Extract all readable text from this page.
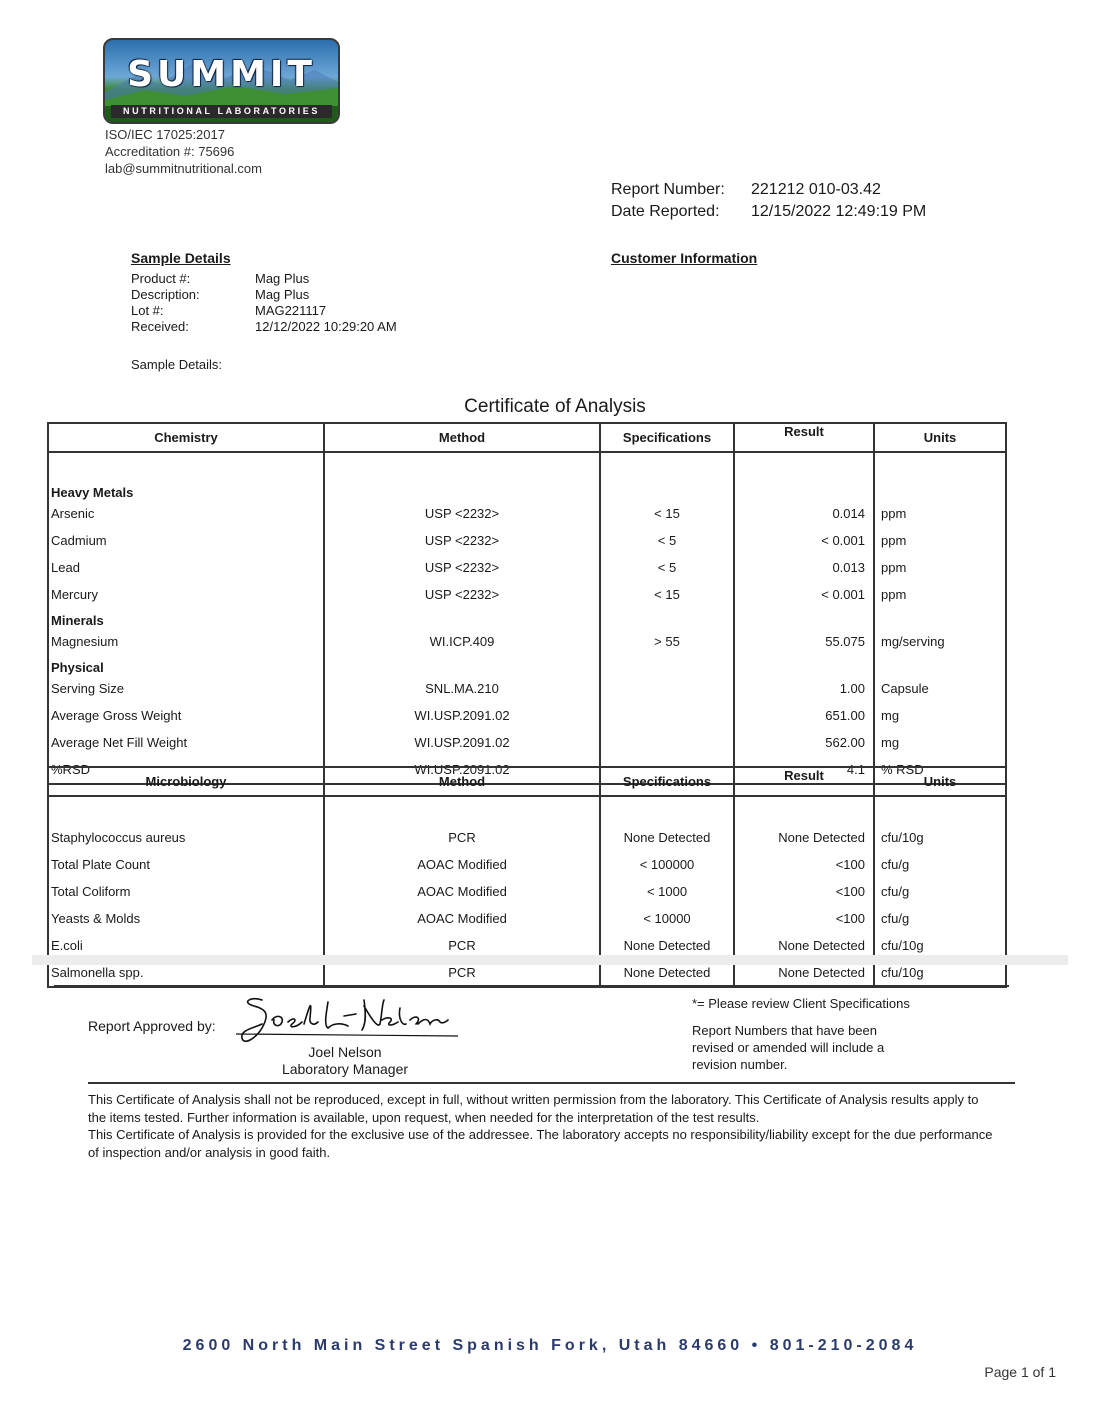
SUMMIT
NUTRITIONAL LABORATORIES
ISO/IEC 17025:2017
Accreditation #: 75696
lab@summitnutritional.com
Report Number:	221212 010-03.42
Date Reported:	12/15/2022 12:49:19 PM
Sample Details
Product #:	Mag Plus
Description:	Mag Plus
Lot #:	MAG221117
Received:	12/12/2022 10:29:20 AM
Sample Details:
Customer Information
Certificate of Analysis
Chemistry	Method	Specifications	Result	Units

Heavy Metals				
Arsenic	USP <2232>	< 15	0.014	ppm
Cadmium	USP <2232>	< 5	< 0.001	ppm
Lead	USP <2232>	< 5	0.013	ppm
Mercury	USP <2232>	< 15	< 0.001	ppm
Minerals				
Magnesium	WI.ICP.409	> 55	55.075	mg/serving
Physical				
Serving Size	SNL.MA.210		1.00	Capsule
Average Gross Weight	WI.USP.2091.02		651.00	mg
Average Net Fill Weight	WI.USP.2091.02		562.00	mg
%RSD	WI.USP.2091.02		4.1	% RSD
Microbiology	Method	Specifications	Result	Units

Staphylococcus aureus	PCR	None Detected	None Detected	cfu/10g
Total Plate Count	AOAC Modified	< 100000	<100	cfu/g
Total Coliform	AOAC Modified	< 1000	<100	cfu/g
Yeasts & Molds	AOAC Modified	< 10000	<100	cfu/g
E.coli	PCR	None Detected	None Detected	cfu/10g
Salmonella spp.	PCR	None Detected	None Detected	cfu/10g
Report Approved by:
Joel Nelson
Laboratory Manager
*= Please review Client Specifications
Report Numbers that have been revised or amended will include a revision number.
This Certificate of Analysis shall not be reproduced, except in full, without written permission from the laboratory. This Certificate of Analysis results apply to the items tested. Further information is available, upon request, when needed for the interpretation of the test results.
This Certificate of Analysis is provided for the exclusive use of the addressee. The laboratory accepts no responsibility/liability except for the due performance of inspection and/or analysis in good faith.
2600 North Main Street Spanish Fork, Utah 84660 • 801-210-2084
Page 1 of 1
